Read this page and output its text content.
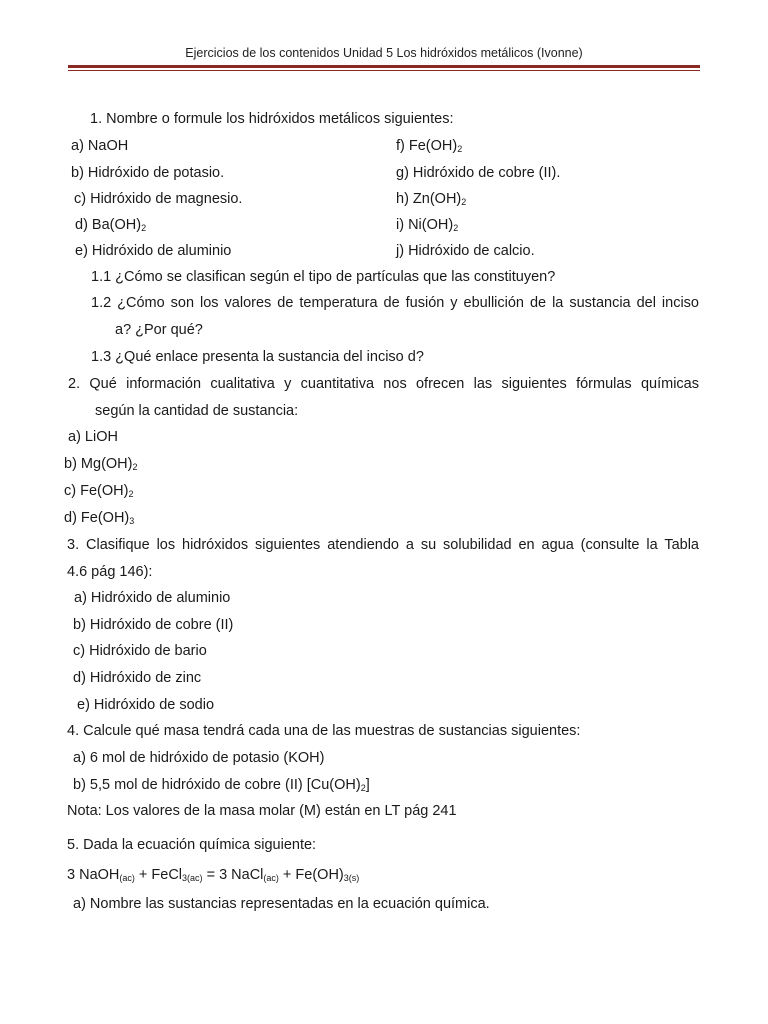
Ejercicios de los contenidos Unidad 5 Los hidróxidos metálicos (Ivonne)
1. Nombre o formule los hidróxidos metálicos siguientes:
a) NaOH
b) Hidróxido de potasio.
c) Hidróxido de magnesio.
d) $Ba(OH)_2$
e) Hidróxido de aluminio
f) $Fe(OH)_2$
g) Hidróxido de cobre (II).
h) $Zn(OH)_2$
i) $Ni(OH)_2$
j) Hidróxido de calcio.
1.1 ¿Cómo se clasifican según el tipo de partículas que las constituyen?
1.2 ¿Cómo son los valores de temperatura de fusión y ebullición de la sustancia del inciso
a? ¿Por qué?
1.3 ¿Qué enlace presenta la sustancia del inciso d?
2. Qué información cualitativa y cuantitativa nos ofrecen las siguientes fórmulas químicas
según la cantidad de sustancia:
a) LiOH
b) $Mg(OH)_2$
c) $Fe(OH)_2$
d) $Fe(OH)_3$
3. Clasifique los hidróxidos siguientes atendiendo a su solubilidad en agua (consulte la Tabla
4.6 pág 146):
a) Hidróxido de aluminio
b) Hidróxido de cobre (II)
c) Hidróxido de bario
d) Hidróxido de zinc
e) Hidróxido de sodio
4. Calcule qué masa tendrá cada una de las muestras de sustancias siguientes:
a) 6 mol de hidróxido de potasio (KOH)
b) 5,5 mol de hidróxido de cobre (II) $[Cu(OH)_2]$
Nota: Los valores de la masa molar (M) están en LT pág 241
5. Dada la ecuación química siguiente:
3 NaOH$_{(ac)}$ + FeCl$_{3(ac)}$ = 3 NaCl$_{(ac)}$ + $Fe(OH)_{3(s)}$
a) Nombre las sustancias representadas en la ecuación química.
